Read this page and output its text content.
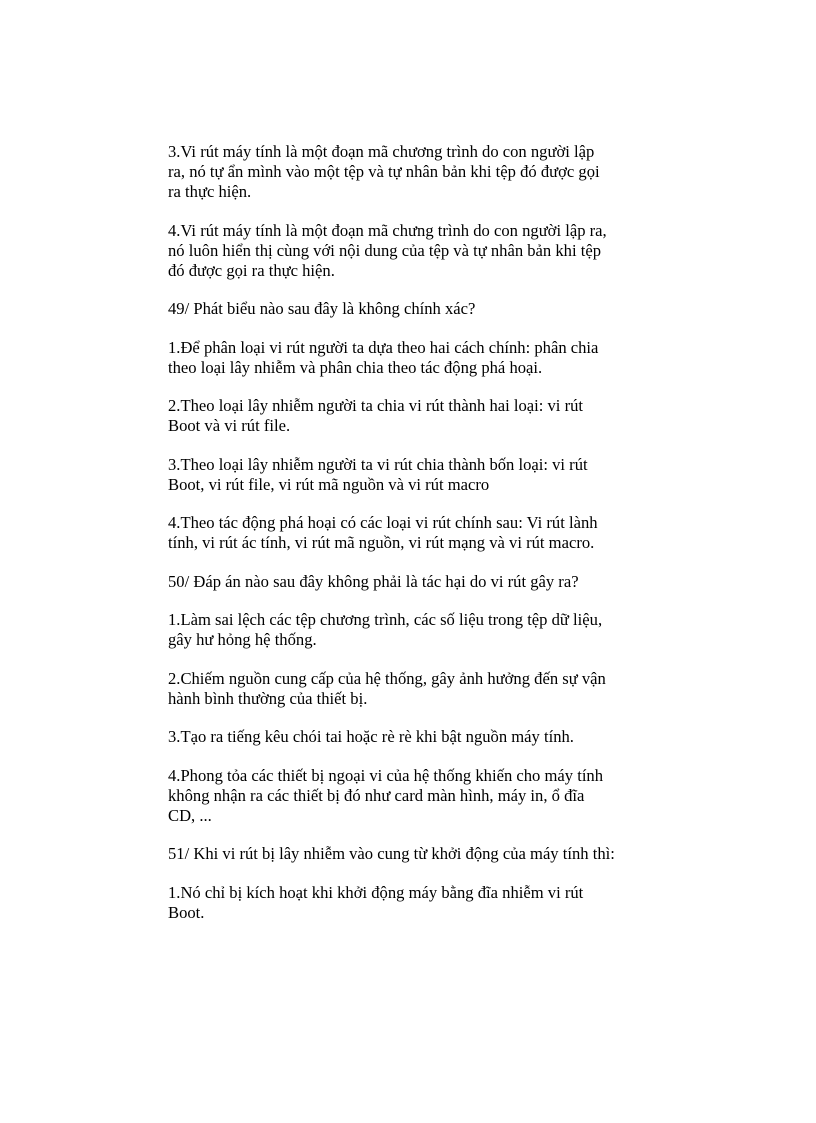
3.Vi rút máy tính là một đoạn mã chương trình do con người lập
ra, nó tự ẩn mình vào một tệp và tự nhân bản khi tệp đó được gọi
ra thực hiện.

4.Vi rút máy tính là một đoạn mã chưng trình do con người lập ra,
nó luôn hiển thị cùng với nội dung của tệp và tự nhân bản khi tệp
đó được gọi ra thực hiện.

49/ Phát biểu nào sau đây là không chính xác?

1.Để phân loại vi rút người ta dựa theo hai cách chính: phân chia
theo loại lây nhiễm và phân chia theo tác động phá hoại.

2.Theo loại lây nhiễm người ta chia vi rút thành hai loại: vi rút
Boot và vi rút file.

3.Theo loại lây nhiễm người ta vi rút chia thành bốn loại: vi rút
Boot, vi rút file, vi rút mã nguồn và vi rút macro

4.Theo tác động phá hoại có các loại vi rút chính sau: Vi rút lành
tính, vi rút ác tính, vi rút mã nguồn, vi rút mạng và vi rút macro.

50/ Đáp án nào sau đây không phải là tác hại do vi rút gây ra?

1.Làm sai lệch các tệp chương trình, các số liệu trong tệp dữ liệu,
gây hư hỏng hệ thống.

2.Chiếm nguồn cung cấp của hệ thống, gây ảnh hưởng đến sự vận
hành bình thường của thiết bị.

3.Tạo ra tiếng kêu chói tai hoặc rè rè khi bật nguồn máy tính.

4.Phong tỏa các thiết bị ngoại vi của hệ thống khiến cho máy tính
không nhận ra các thiết bị đó như card màn hình, máy in, ổ đĩa
CD, ...

51/ Khi vi rút bị lây nhiễm vào cung từ khởi động của máy tính thì:

1.Nó chỉ bị kích hoạt khi khởi động máy bằng đĩa nhiễm vi rút
Boot.
